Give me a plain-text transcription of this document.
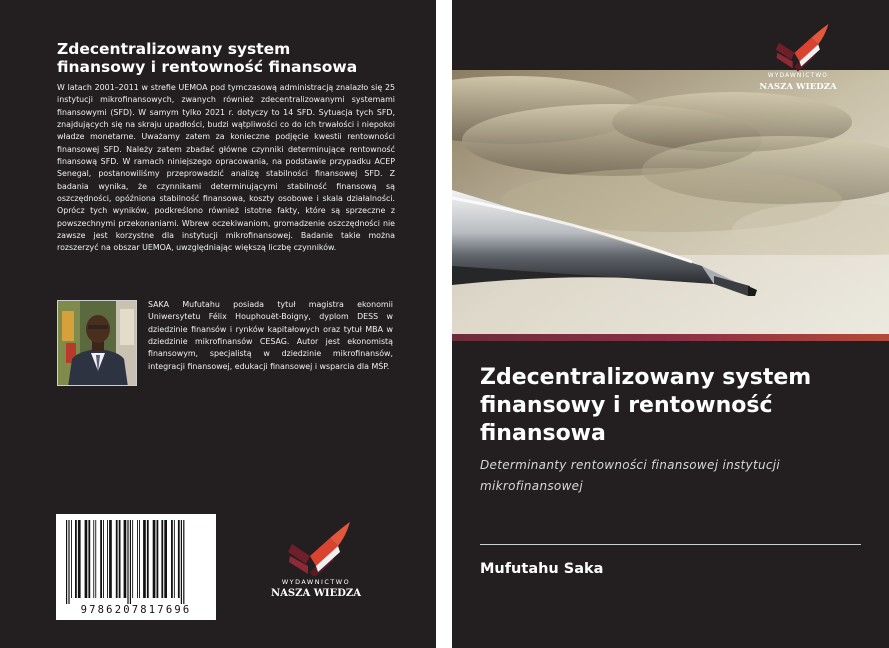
Zdecentralizowany system
finansowy i rentowność finansowa
W latach 2001–2011 w strefie UEMOA pod tymczasową administracją znalazło się 25 instytucji mikrofinansowych, zwanych również zdecentralizowanymi systemami finansowymi (SFD). W samym tylko 2021 r. dotyczy to 14 SFD. Sytuacja tych SFD, znajdujących się na skraju upadłości, budzi wątpliwości co do ich trwałości i niepokoi władze monetarne. Uważamy zatem za konieczne podjęcie kwestii rentowności finansowej SFD. Należy zatem zbadać główne czynniki determinujące rentowność finansową SFD. W ramach niniejszego opracowania, na podstawie przypadku ACEP Senegal, postanowiliśmy przeprowadzić analizę stabilności finansowej SFD. Z badania wynika, że czynnikami determinującymi stabilność finansową są oszczędności, opóźniona stabilność finansowa, koszty osobowe i skala działalności. Oprócz tych wyników, podkreślono również istotne fakty, które są sprzeczne z powszechnymi przekonaniami. Wbrew oczekiwaniom, gromadzenie oszczędności nie zawsze jest korzystne dla instytucji mikrofinansowej. Badanie takie można rozszerzyć na obszar UEMOA, uwzględniając większą liczbę czynników.
SAKA Mufutahu posiada tytuł magistra ekonomii Uniwersytetu Félix Houphouët-Boigny, dyplom DESS w dziedzinie finansów i rynków kapitałowych oraz tytuł MBA w dziedzinie mikrofinansów CESAG. Autor jest ekonomistą finansowym, specjalistą w dziedzinie mikrofinansów, integracji finansowej, edukacji finansowej i wsparcia dla MŚP.
9786207817696
WYDAWNICTWO
NASZA WIEDZA
WYDAWNICTWO
NASZA WIEDZA
Zdecentralizowany system
finansowy i rentowność
finansowa
Determinanty rentowności finansowej instytucji
mikrofinansowej
Mufutahu Saka
